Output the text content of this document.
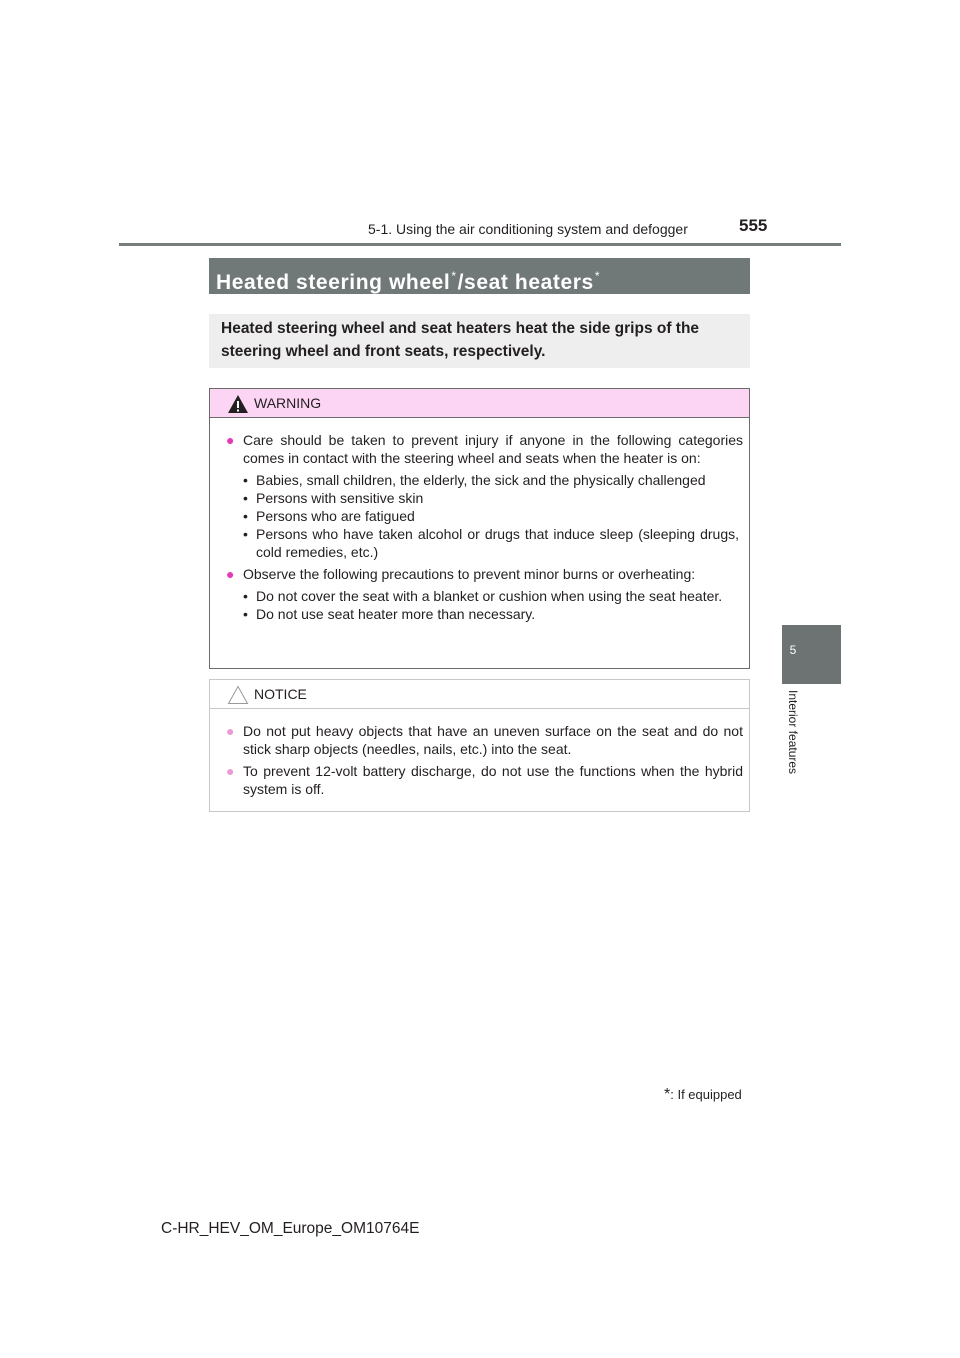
5-1. Using the air conditioning system and defogger	555
5
Interior features
Heated steering wheel*/seat heaters*
Heated steering wheel and seat heaters heat the side grips of the steering wheel and front seats, respectively.
WARNING
● Care should be taken to prevent injury if anyone in the following categories comes in contact with the steering wheel and seats when the heater is on:
• Babies, small children, the elderly, the sick and the physically challenged
• Persons with sensitive skin
• Persons who are fatigued
• Persons who have taken alcohol or drugs that induce sleep (sleeping drugs, cold remedies, etc.)
● Observe the following precautions to prevent minor burns or overheating:
• Do not cover the seat with a blanket or cushion when using the seat heater.
• Do not use seat heater more than necessary.
NOTICE
● Do not put heavy objects that have an uneven surface on the seat and do not stick sharp objects (needles, nails, etc.) into the seat.
● To prevent 12-volt battery discharge, do not use the functions when the hybrid system is off.
*: If equipped
C-HR_HEV_OM_Europe_OM10764E
